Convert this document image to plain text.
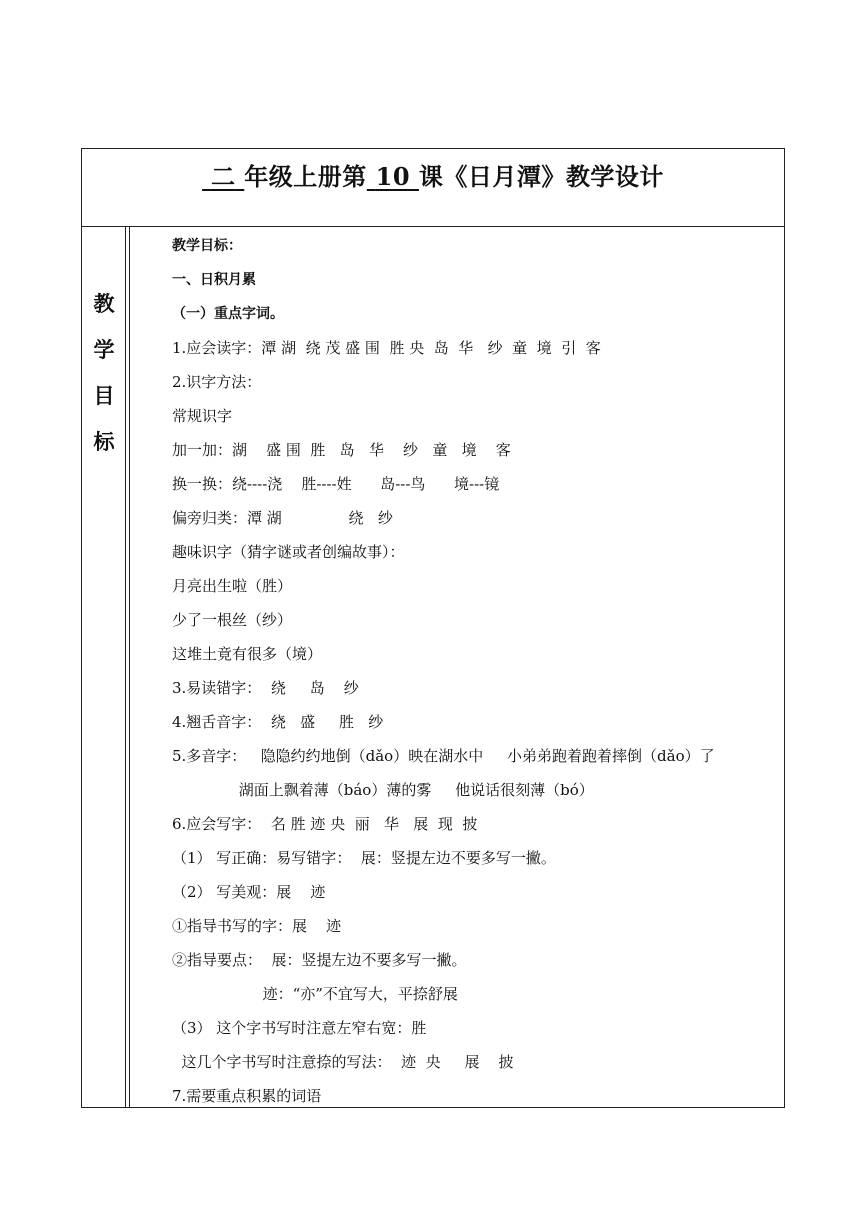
二 年级上册第 10 课《日月潭》教学设计
教
学
目
标
教学目标：
一、日积月累
（一）重点字词。
1.应会读字：潭 湖  绕 茂 盛 围  胜 央  岛  华   纱  童  境  引  客
2.识字方法：
常规识字
加一加：湖    盛 围  胜   岛   华    纱   童   境    客
换一换：绕----浇    胜----姓      岛---鸟      境---镜
偏旁归类：潭 湖              绕   纱
趣味识字（猜字谜或者创编故事）：
月亮出生啦（胜）
少了一根丝（纱）
这堆土竟有很多（境）
3.易读错字：  绕     岛    纱
4.翘舌音字：  绕   盛     胜   纱
5.多音字：   隐隐约约地倒（dǎo）映在湖水中     小弟弟跑着跑着摔倒（dǎo）了
湖面上飘着薄（báo）薄的雾     他说话很刻薄（bó）
6.应会写字：  名 胜 迹 央  丽   华   展  现  披
（1） 写正确：易写错字：  展：竖提左边不要多写一撇。
（2） 写美观：展    迹
①指导书写的字：展    迹
②指导要点：  展：竖提左边不要多写一撇。
迹：“亦”不宜写大，平捺舒展
（3） 这个字书写时注意左窄右宽：胜
这几个字书写时注意捺的写法：  迹  央     展    披
7.需要重点积累的词语
